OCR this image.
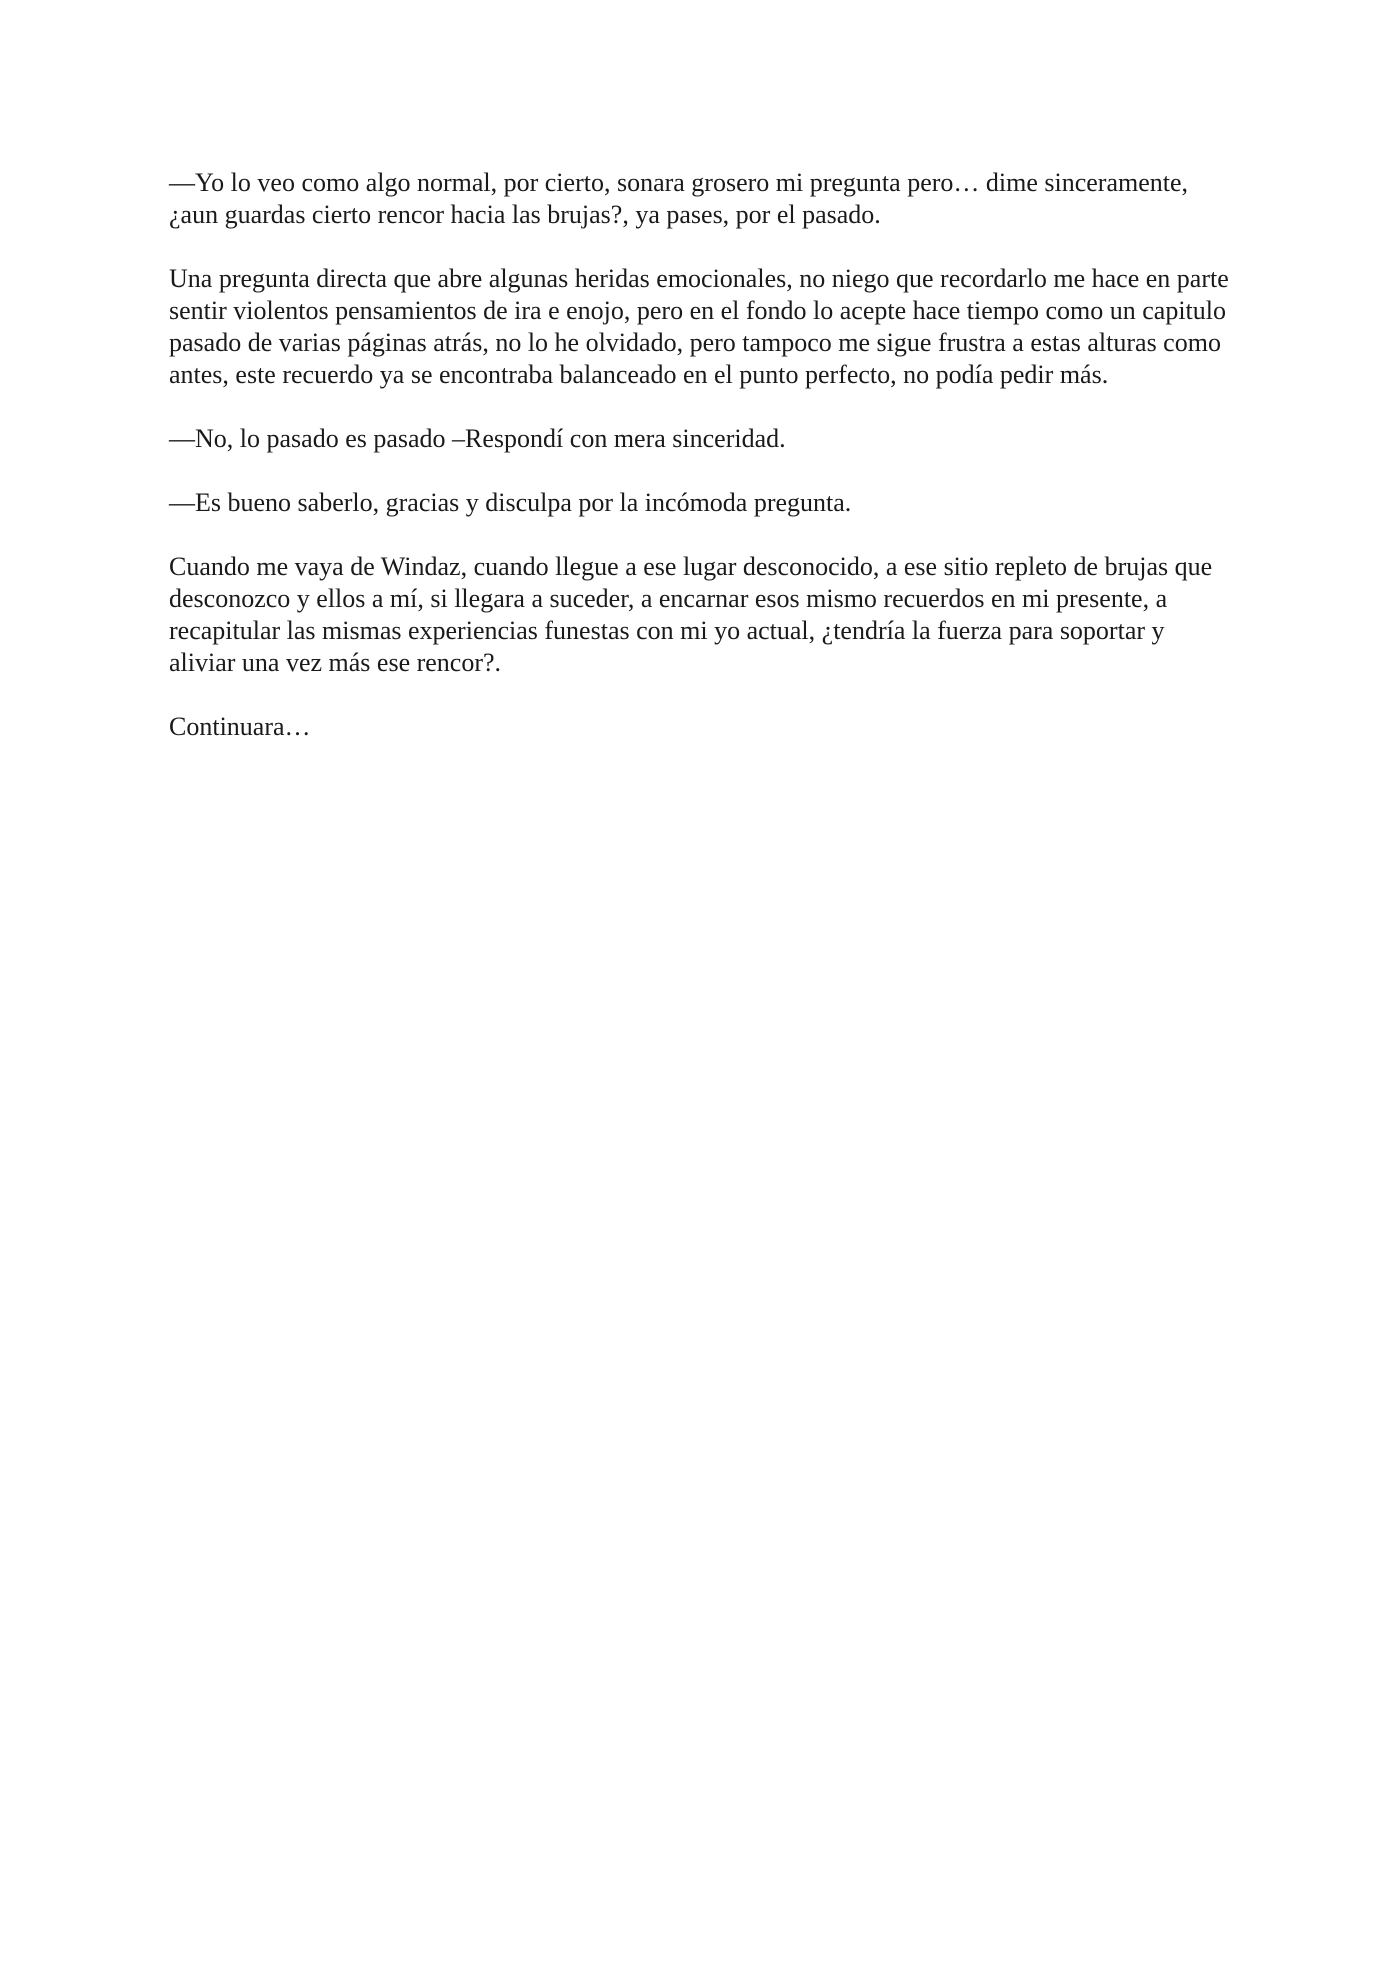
—Yo lo veo como algo normal, por cierto, sonara grosero mi pregunta pero… dime sinceramente, ¿aun guardas cierto rencor hacia las brujas?, ya pases, por el pasado.

Una pregunta directa que abre algunas heridas emocionales, no niego que recordarlo me hace en parte sentir violentos pensamientos de ira e enojo, pero en el fondo lo acepte hace tiempo como un capitulo pasado de varias páginas atrás, no lo he olvidado, pero tampoco me sigue frustra a estas alturas como antes, este recuerdo ya se encontraba balanceado en el punto perfecto, no podía pedir más.

—No, lo pasado es pasado –Respondí con mera sinceridad.

—Es bueno saberlo, gracias y disculpa por la incómoda pregunta.

Cuando me vaya de Windaz, cuando llegue a ese lugar desconocido, a ese sitio repleto de brujas que desconozco y ellos a mí, si llegara a suceder, a encarnar esos mismo recuerdos en mi presente, a recapitular las mismas experiencias funestas con mi yo actual, ¿tendría la fuerza para soportar y aliviar una vez más ese rencor?.

Continuara…
